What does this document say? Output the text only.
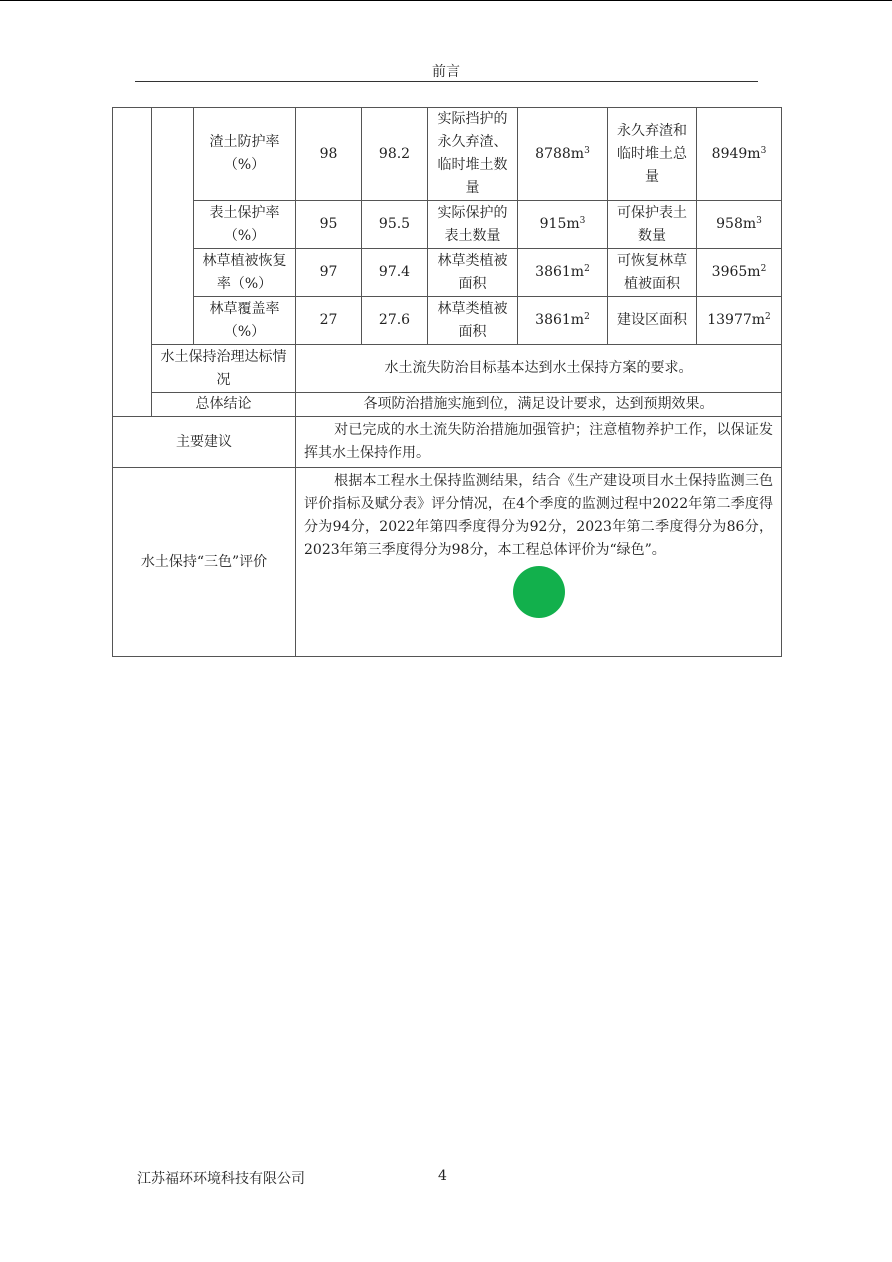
前言
		渣土防护率（%）	98	98.2	实际挡护的永久弃渣、临时堆土数量	$8788m^3$	永久弃渣和临时堆土总量	$8949m^3$
		表土保护率（%）	95	95.5	实际保护的表土数量	$915m^3$	可保护表土数量	$958m^3$
		林草植被恢复率（%）	97	97.4	林草类植被面积	$3861m^2$	可恢复林草植被面积	$3965m^2$
		林草覆盖率（%）	27	27.6	林草类植被面积	$3861m^2$	建设区面积	$13977m^2$
	水土保持治理达标情况		水土流失防治目标基本达到水土保持方案的要求。					
	总体结论		各项防治措施实施到位，满足设计要求，达到预期效果。					
主要建议			对已完成的水土流失防治措施加强管护；注意植物养护工作，以保证发挥其水土保持作用。					
水土保持“三色”评价			根据本工程水土保持监测结果，结合《生产建设项目水土保持监测三色评价指标及赋分表》评分情况，在4个季度的监测过程中2022年第二季度得分为94分，2022年第四季度得分为92分，2023年第二季度得分为86分，2023年第三季度得分为98分，本工程总体评价为“绿色”。					
江苏福环环境科技有限公司	4
